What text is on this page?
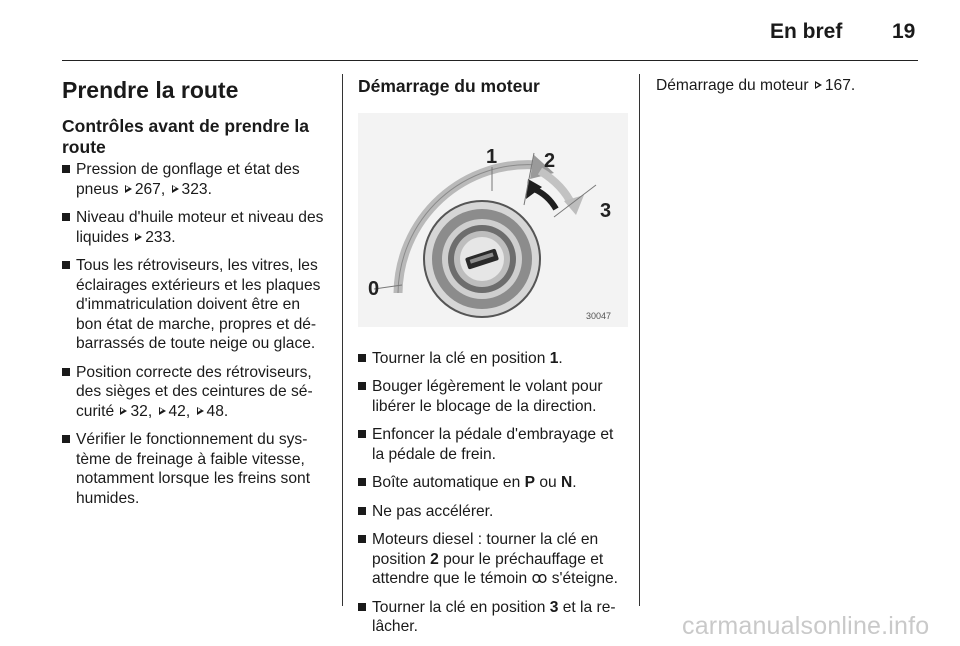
En bref 19
Prendre la route
Contrôles avant de prendre la route
Pression de gonflage et état des pneus 267, 323.
Niveau d'huile moteur et niveau des liquides 233.
Tous les rétroviseurs, les vitres, les éclairages extérieurs et les plaques d'immatriculation doivent être en bon état de marche, propres et débarrassés de toute neige ou glace.
Position correcte des rétroviseurs, des sièges et des ceintures de sécurité 32, 42, 48.
Vérifier le fonctionnement du système de freinage à faible vitesse, notamment lorsque les freins sont humides.
Démarrage du moteur
1 2
3
0
30047
Tourner la clé en position 1.
Bouger légèrement le volant pour libérer le blocage de la direction.
Enfoncer la pédale d'embrayage et la pédale de frein.
Boîte automatique en P ou N.
Ne pas accélérer.
Moteurs diesel : tourner la clé en position 2 pour le préchauffage et attendre que le témoin ꝏ s'éteigne.
Tourner la clé en position 3 et la relâcher.
Démarrage du moteur 167.
carmanualsonline.info
